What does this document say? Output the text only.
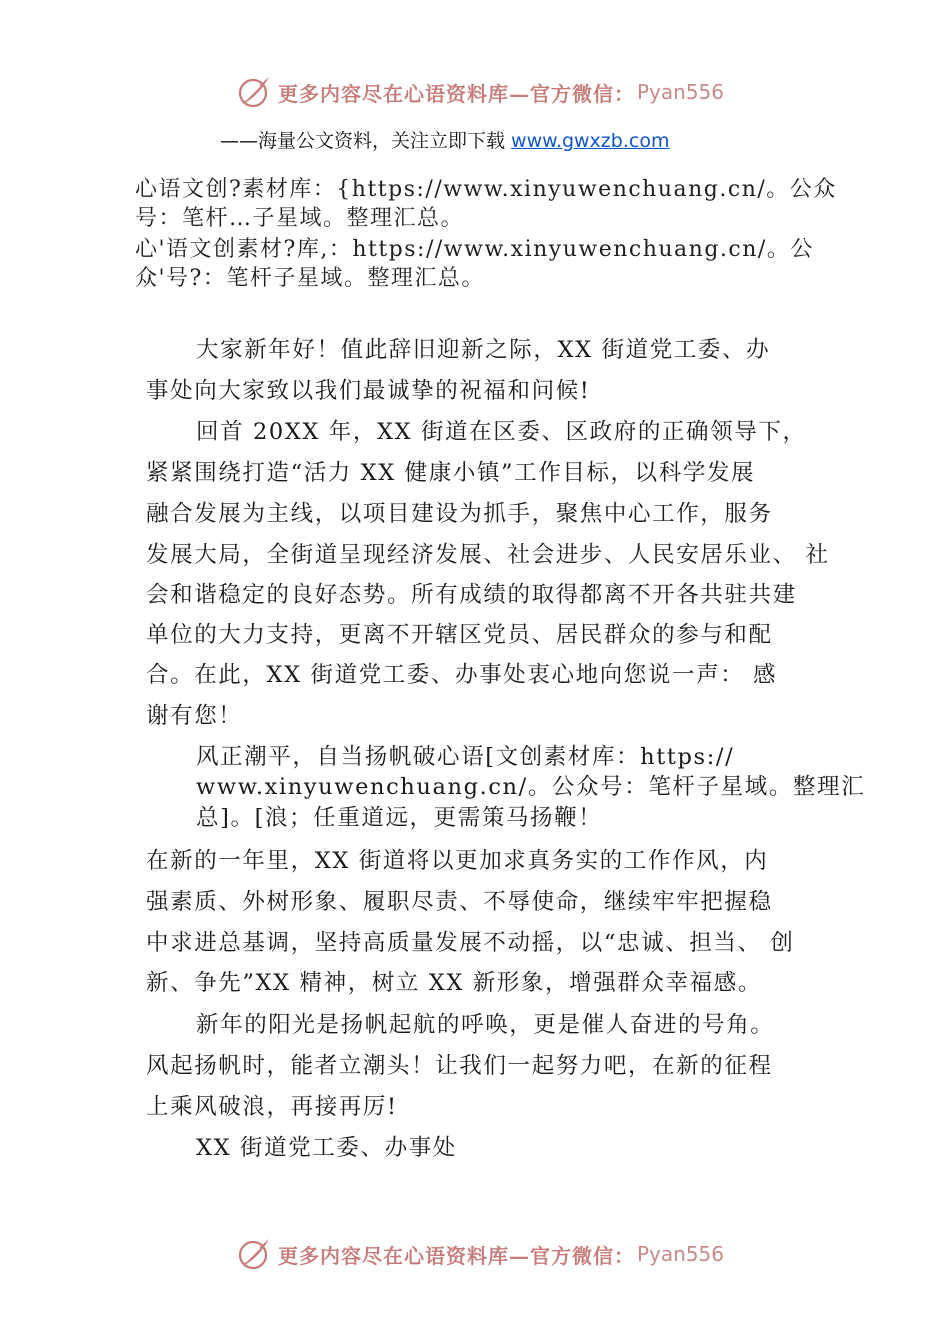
更多内容尽在心语资料库—官方微信： Pyan556
——海量公文资料，关注立即下载 www.gwxzb.com
心语文创?素材库：{https://www.xinyuwenchuang.cn/。公众
号：笔杆…子星域。整理汇总。
心'语文创素材?库,：https://www.xinyuwenchuang.cn/。公
众'号?：笔杆子星域。整理汇总。
大家新年好！值此辞旧迎新之际，XX 街道党工委、办
事处向大家致以我们最诚挚的祝福和问候!
回首 20XX 年，XX 街道在区委、区政府的正确领导下，
紧紧围绕打造“活力 XX 健康小镇”工作目标，以科学发展
融合发展为主线，以项目建设为抓手，聚焦中心工作，服务
发展大局，全街道呈现经济发展、社会进步、人民安居乐业、 社
会和谐稳定的良好态势。所有成绩的取得都离不开各共驻共建
单位的大力支持，更离不开辖区党员、居民群众的参与和配
合。在此，XX 街道党工委、办事处衷心地向您说一声： 感
谢有您！
风正潮平，自当扬帆破心语[文创素材库：https://
www.xinyuwenchuang.cn/。公众号：笔杆子星域。整理汇
总]。[浪；任重道远，更需策马扬鞭！
在新的一年里，XX 街道将以更加求真务实的工作作风，内
强素质、外树形象、履职尽责、不辱使命，继续牢牢把握稳
中求进总基调，坚持高质量发展不动摇，以“忠诚、担当、 创
新、争先”XX 精神，树立 XX 新形象，增强群众幸福感。
新年的阳光是扬帆起航的呼唤，更是催人奋进的号角。
风起扬帆时，能者立潮头！让我们一起努力吧，在新的征程
上乘风破浪，再接再厉!
XX 街道党工委、办事处
更多内容尽在心语资料库—官方微信： Pyan556
